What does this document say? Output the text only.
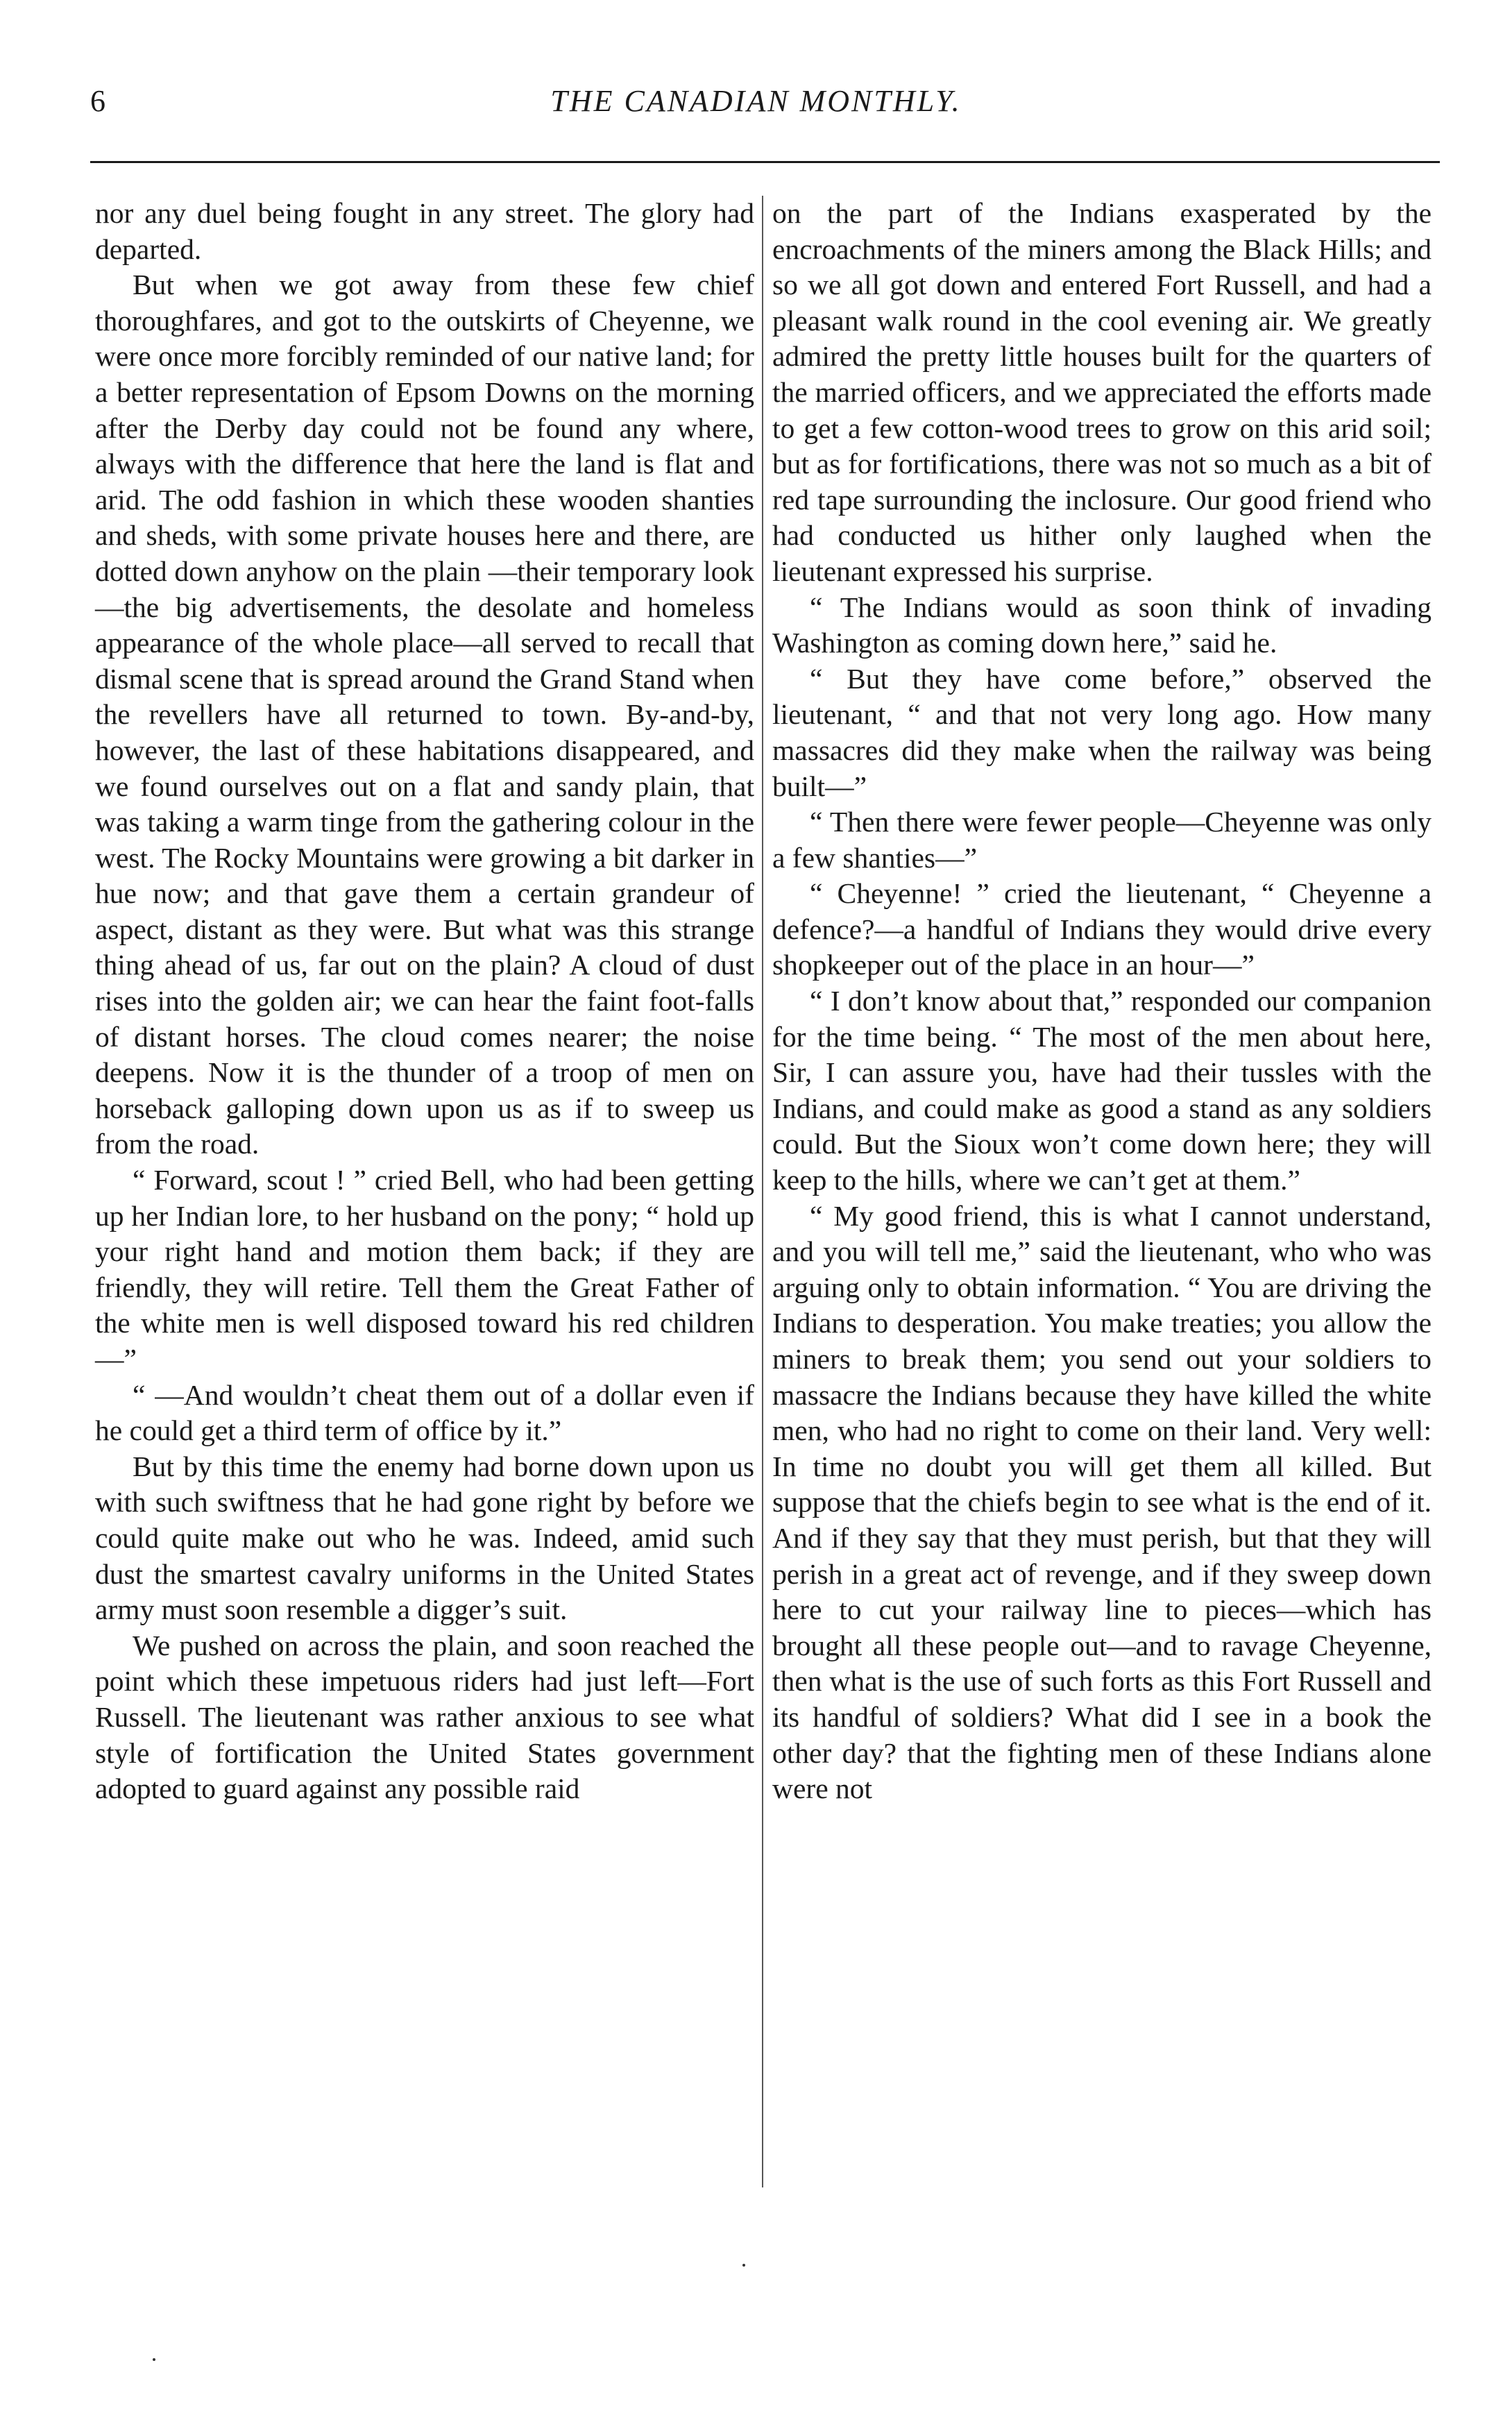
6	THE CANADIAN MONTHLY.

nor any duel being fought in any street. The glory had departed.

But when we got away from these few chief thoroughfares, and got to the outskirts of Cheyenne, we were once more forcibly reminded of our native land; for a better representation of Epsom Downs on the morning after the Derby day could not be found any where, always with the difference that here the land is flat and arid. The odd fashion in which these wooden shanties and sheds, with some private houses here and there, are dotted down anyhow on the plain —their temporary look—the big advertisements, the desolate and homeless appearance of the whole place—all served to recall that dismal scene that is spread around the Grand Stand when the revellers have all returned to town. By-and-by, however, the last of these habitations disappeared, and we found ourselves out on a flat and sandy plain, that was taking a warm tinge from the gathering colour in the west. The Rocky Mountains were growing a bit darker in hue now; and that gave them a certain grandeur of aspect, distant as they were. But what was this strange thing ahead of us, far out on the plain? A cloud of dust rises into the golden air; we can hear the faint foot-falls of distant horses. The cloud comes nearer; the noise deepens. Now it is the thunder of a troop of men on horseback galloping down upon us as if to sweep us from the road.

“ Forward, scout ! ” cried Bell, who had been getting up her Indian lore, to her husband on the pony; “ hold up your right hand and motion them back; if they are friendly, they will retire. Tell them the Great Father of the white men is well disposed toward his red children—”

“ —And wouldn’t cheat them out of a dollar even if he could get a third term of office by it.”

But by this time the enemy had borne down upon us with such swiftness that he had gone right by before we could quite make out who he was. Indeed, amid such dust the smartest cavalry uniforms in the United States army must soon resemble a digger’s suit.

We pushed on across the plain, and soon reached the point which these impetuous riders had just left—Fort Russell. The lieutenant was rather anxious to see what style of fortification the United States government adopted to guard against any possible raid

on the part of the Indians exasperated by the encroachments of the miners among the Black Hills; and so we all got down and entered Fort Russell, and had a pleasant walk round in the cool evening air. We greatly admired the pretty little houses built for the quarters of the married officers, and we appreciated the efforts made to get a few cotton-wood trees to grow on this arid soil; but as for fortifications, there was not so much as a bit of red tape surrounding the inclosure. Our good friend who had conducted us hither only laughed when the lieutenant expressed his surprise.

“ The Indians would as soon think of invading Washington as coming down here,” said he.

“ But they have come before,” observed the lieutenant, “ and that not very long ago. How many massacres did they make when the railway was being built—”

“ Then there were fewer people—Cheyenne was only a few shanties—”

“ Cheyenne! ” cried the lieutenant, “ Cheyenne a defence?—a handful of Indians they would drive every shopkeeper out of the place in an hour—”

“ I don’t know about that,” responded our companion for the time being. “ The most of the men about here, Sir, I can assure you, have had their tussles with the Indians, and could make as good a stand as any soldiers could. But the Sioux won’t come down here; they will keep to the hills, where we can’t get at them.”

“ My good friend, this is what I cannot understand, and you will tell me,” said the lieutenant, who who was arguing only to obtain information. “ You are driving the Indians to desperation. You make treaties; you allow the miners to break them; you send out your soldiers to massacre the Indians because they have killed the white men, who had no right to come on their land. Very well: In time no doubt you will get them all killed. But suppose that the chiefs begin to see what is the end of it. And if they say that they must perish, but that they will perish in a great act of revenge, and if they sweep down here to cut your railway line to pieces—which has brought all these people out—and to ravage Cheyenne, then what is the use of such forts as this Fort Russell and its handful of soldiers? What did I see in a book the other day? that the fighting men of these Indians alone were not
